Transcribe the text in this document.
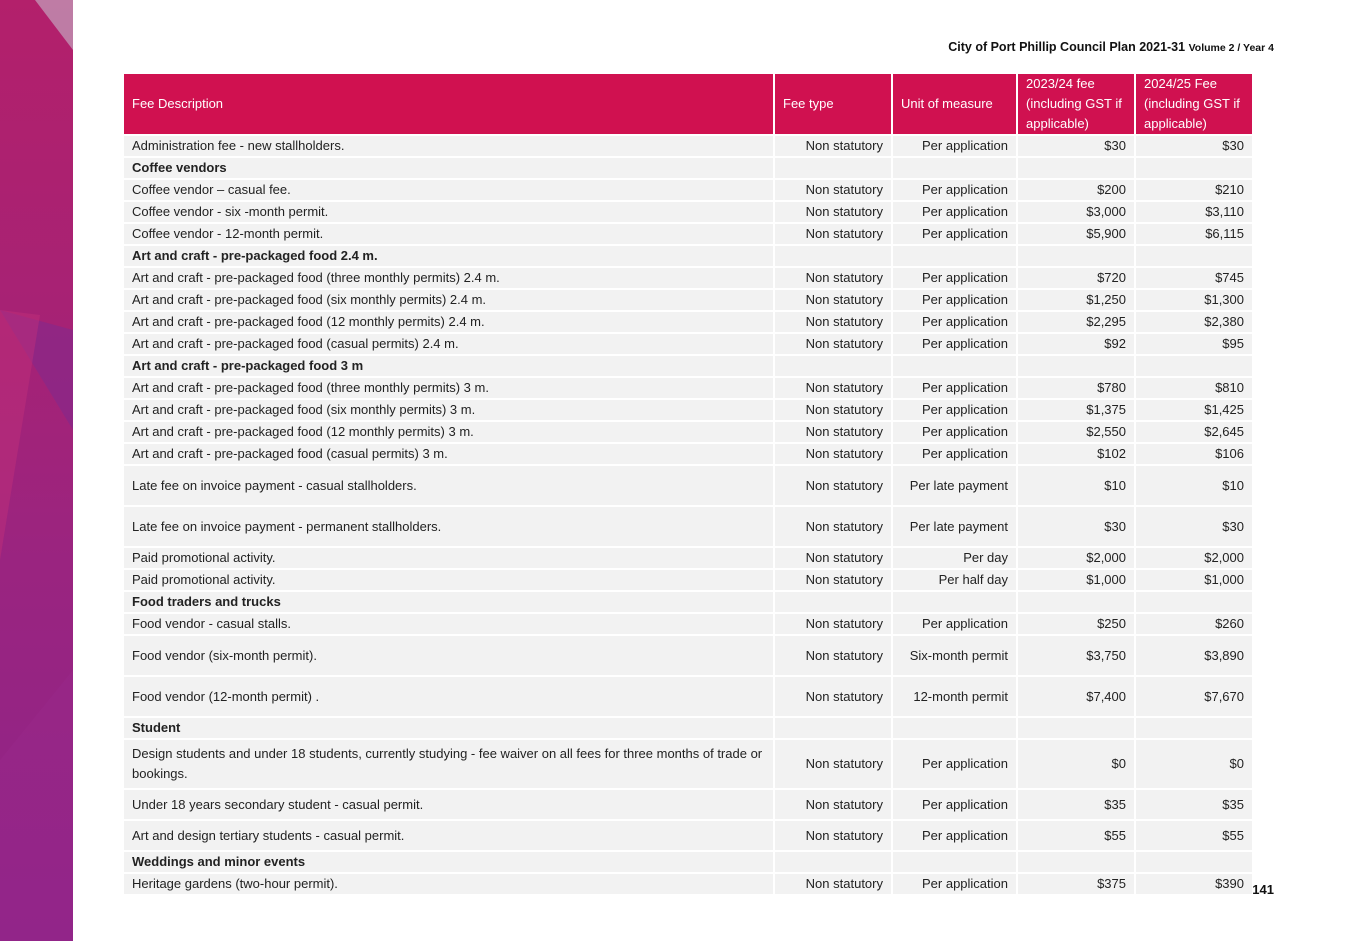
City of Port Phillip Council Plan 2021-31 Volume 2 / Year 4
Fee Description	Fee type	Unit of measure	2023/24 fee (including GST if applicable)	2024/25 Fee (including GST if applicable)
Administration fee - new stallholders.	Non statutory	Per application	$30	$30
Coffee vendors				
Coffee vendor – casual fee.	Non statutory	Per application	$200	$210
Coffee vendor - six -month permit.	Non statutory	Per application	$3,000	$3,110
Coffee vendor - 12-month permit.	Non statutory	Per application	$5,900	$6,115
Art and craft - pre-packaged food 2.4 m.				
Art and craft - pre-packaged food (three monthly permits) 2.4 m.	Non statutory	Per application	$720	$745
Art and craft - pre-packaged food (six monthly permits) 2.4 m.	Non statutory	Per application	$1,250	$1,300
Art and craft - pre-packaged food (12 monthly permits) 2.4 m.	Non statutory	Per application	$2,295	$2,380
Art and craft - pre-packaged food (casual permits) 2.4 m.	Non statutory	Per application	$92	$95
Art and craft - pre-packaged food 3 m				
Art and craft - pre-packaged food (three monthly permits) 3 m.	Non statutory	Per application	$780	$810
Art and craft - pre-packaged food (six monthly permits) 3 m.	Non statutory	Per application	$1,375	$1,425
Art and craft - pre-packaged food (12 monthly permits) 3 m.	Non statutory	Per application	$2,550	$2,645
Art and craft - pre-packaged food (casual permits) 3 m.	Non statutory	Per application	$102	$106
Late fee on invoice payment - casual stallholders.	Non statutory	Per late payment	$10	$10
Late fee on invoice payment - permanent stallholders.	Non statutory	Per late payment	$30	$30
Paid promotional activity.	Non statutory	Per day	$2,000	$2,000
Paid promotional activity.	Non statutory	Per half day	$1,000	$1,000
Food traders and trucks				
Food vendor - casual stalls.	Non statutory	Per application	$250	$260
Food vendor (six-month permit).	Non statutory	Six-month permit	$3,750	$3,890
Food vendor (12-month permit) .	Non statutory	12-month permit	$7,400	$7,670
Student				
Design students and under 18 students, currently studying - fee waiver on all fees for three months of trade or bookings.	Non statutory	Per application	$0	$0
Under 18 years secondary student - casual permit.	Non statutory	Per application	$35	$35
Art and design tertiary students - casual permit.	Non statutory	Per application	$55	$55
Weddings and minor events				
Heritage gardens (two-hour permit).	Non statutory	Per application	$375	$390 141
